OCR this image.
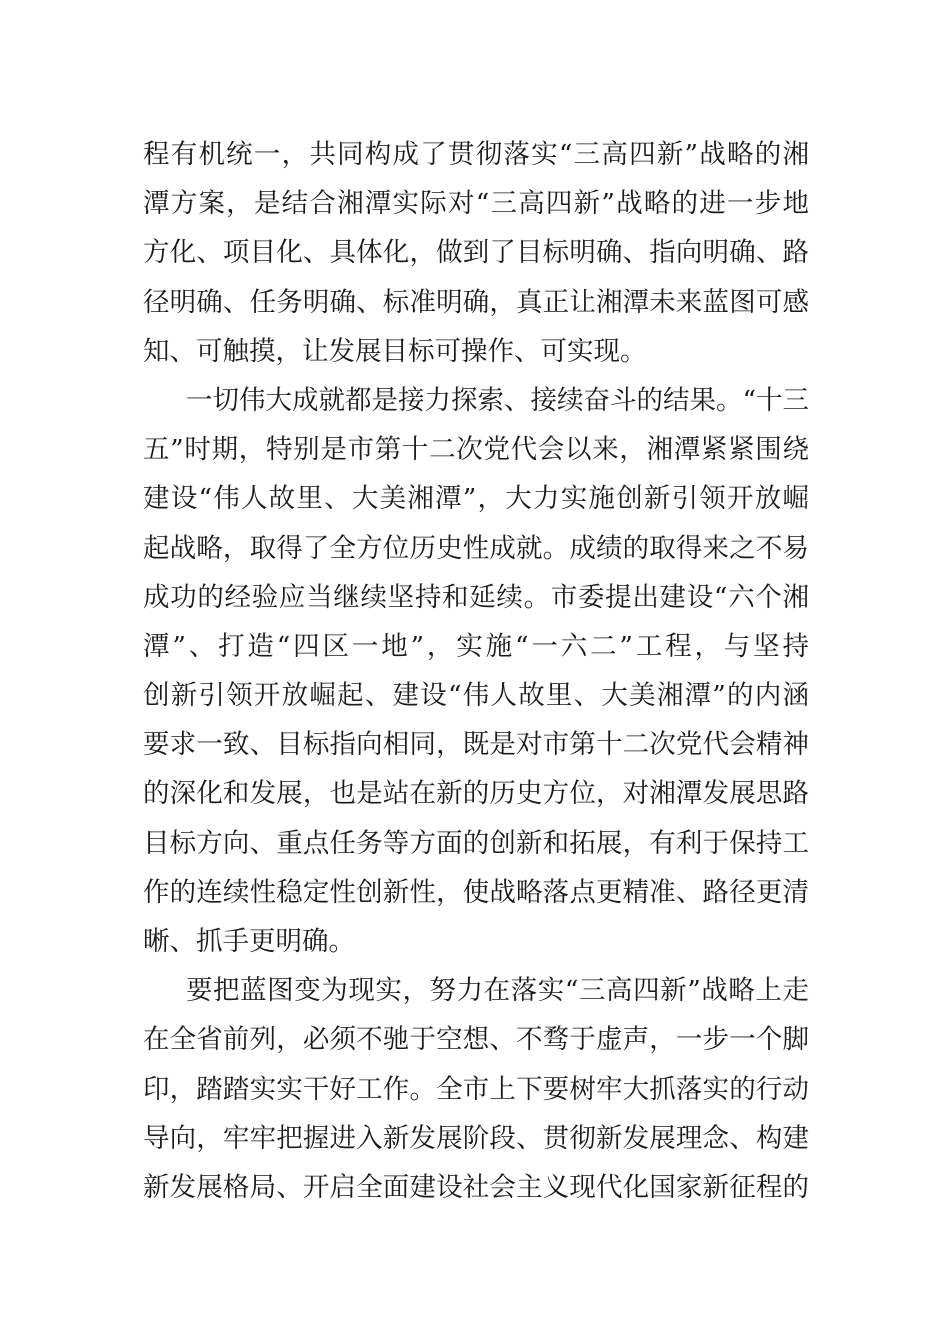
程有机统一，共同构成了贯彻落实“三高四新”战略的湘
潭方案，是结合湘潭实际对“三高四新”战略的进一步地
方化、项目化、具体化，做到了目标明确、指向明确、路
径明确、任务明确、标准明确，真正让湘潭未来蓝图可感
知、可触摸，让发展目标可操作、可实现。

一切伟大成就都是接力探索、接续奋斗的结果。“十三
五”时期，特别是市第十二次党代会以来，湘潭紧紧围绕
建设“伟人故里、大美湘潭”，大力实施创新引领开放崛
起战略，取得了全方位历史性成就。成绩的取得来之不易
成功的经验应当继续坚持和延续。市委提出建设“六个湘
潭”、打造“四区一地”，实施“一六二”工程，与坚持
创新引领开放崛起、建设“伟人故里、大美湘潭”的内涵
要求一致、目标指向相同，既是对市第十二次党代会精神
的深化和发展，也是站在新的历史方位，对湘潭发展思路
目标方向、重点任务等方面的创新和拓展，有利于保持工
作的连续性稳定性创新性，使战略落点更精准、路径更清
晰、抓手更明确。

要把蓝图变为现实，努力在落实“三高四新”战略上走
在全省前列，必须不驰于空想、不骛于虚声，一步一个脚
印，踏踏实实干好工作。全市上下要树牢大抓落实的行动
导向，牢牢把握进入新发展阶段、贯彻新发展理念、构建
新发展格局、开启全面建设社会主义现代化国家新征程的
